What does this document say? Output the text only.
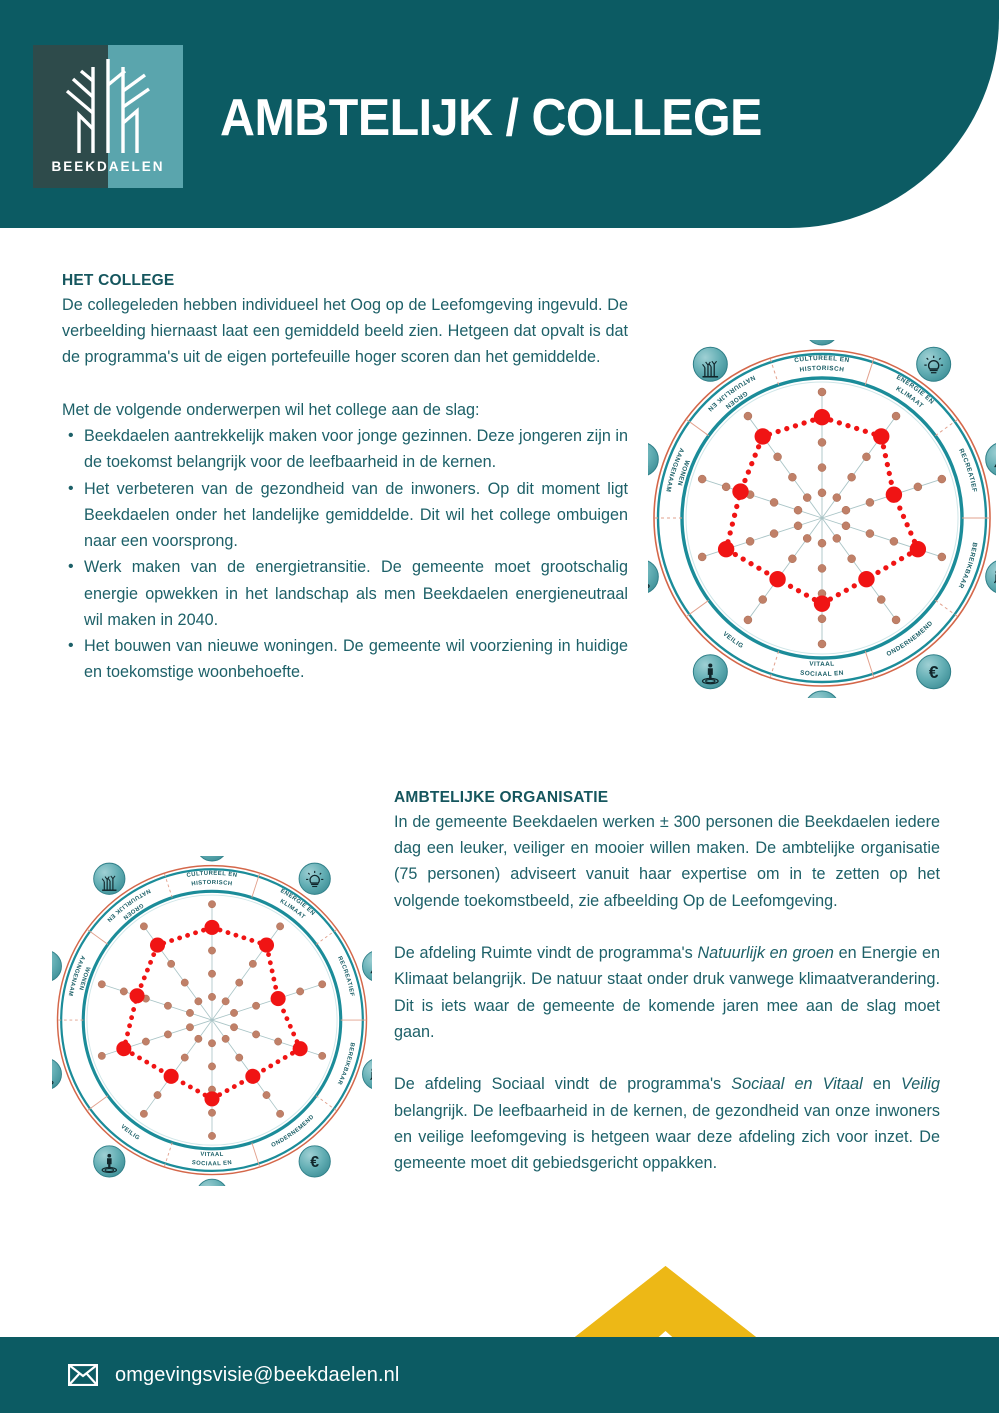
BEEKDAELEN
AMBTELIJK / COLLEGE
HET COLLEGE

De collegeleden hebben individueel het Oog op de Leefomgeving ingevuld. De verbeelding hiernaast laat een gemiddeld beeld zien. Hetgeen dat opvalt is dat de programma's uit de eigen portefeuille hoger scoren dan het gemiddelde.

Met de volgende onderwerpen wil het college aan de slag:

• Beekdaelen aantrekkelijk maken voor jonge gezinnen. Deze jongeren zijn in de toekomst belangrijk voor de leefbaarheid in de kernen.
• Het verbeteren van de gezondheid van de inwoners. Op dit moment ligt Beekdaelen onder het landelijke gemiddelde. Dit wil het college ombuigen naar een voorsprong.
• Werk maken van de energietransitie. De gemeente moet grootschalig energie opwekken in het landschap als men Beekdaelen energieneutraal wil maken in 2040.
• Het bouwen van nieuwe woningen. De gemeente wil voorziening in huidige en toekomstige woonbehoefte.
AMBTELIJKE ORGANISATIE

In de gemeente Beekdaelen werken ± 300 personen die Beekdaelen iedere dag een leuker, veiliger en mooier willen maken. De ambtelijke organisatie (75 personen) adviseert vanuit haar expertise om in te zetten op het volgende toekomstbeeld, zie afbeelding Op de Leefomgeving.

De afdeling Ruimte vindt de programma's Natuurlijk en groen en Energie en Klimaat belangrijk. De natuur staat onder druk vanwege klimaatverandering. Dit is iets waar de gemeente de komende jaren mee aan de slag moet gaan.

De afdeling Sociaal vindt de programma's Sociaal en Vitaal en Veilig belangrijk. De leefbaarheid in de kernen, de gezondheid van onze inwoners en veilige leefomgeving is hetgeen waar deze afdeling zich voor inzet. De gemeente moet dit gebiedsgericht oppakken.

AANGENAAM
WONEN
NATUURLIJK EN
GROEN
CULTUREEL EN
HISTORISCH
ENERGIE EN
KLIMAAT
RECREATIEF
BEREIKBAAR
ONDERNEMEND
SOCIAAL EN
VITAAL
VEILIG
€
AANGENAAM
WONEN
NATUURLIJK EN
GROEN
CULTUREEL EN
HISTORISCH
ENERGIE EN
KLIMAAT
RECREATIEF
BEREIKBAAR
ONDERNEMEND
SOCIAAL EN
VITAAL
VEILIG
€
omgevingsvisie@beekdaelen.nl
